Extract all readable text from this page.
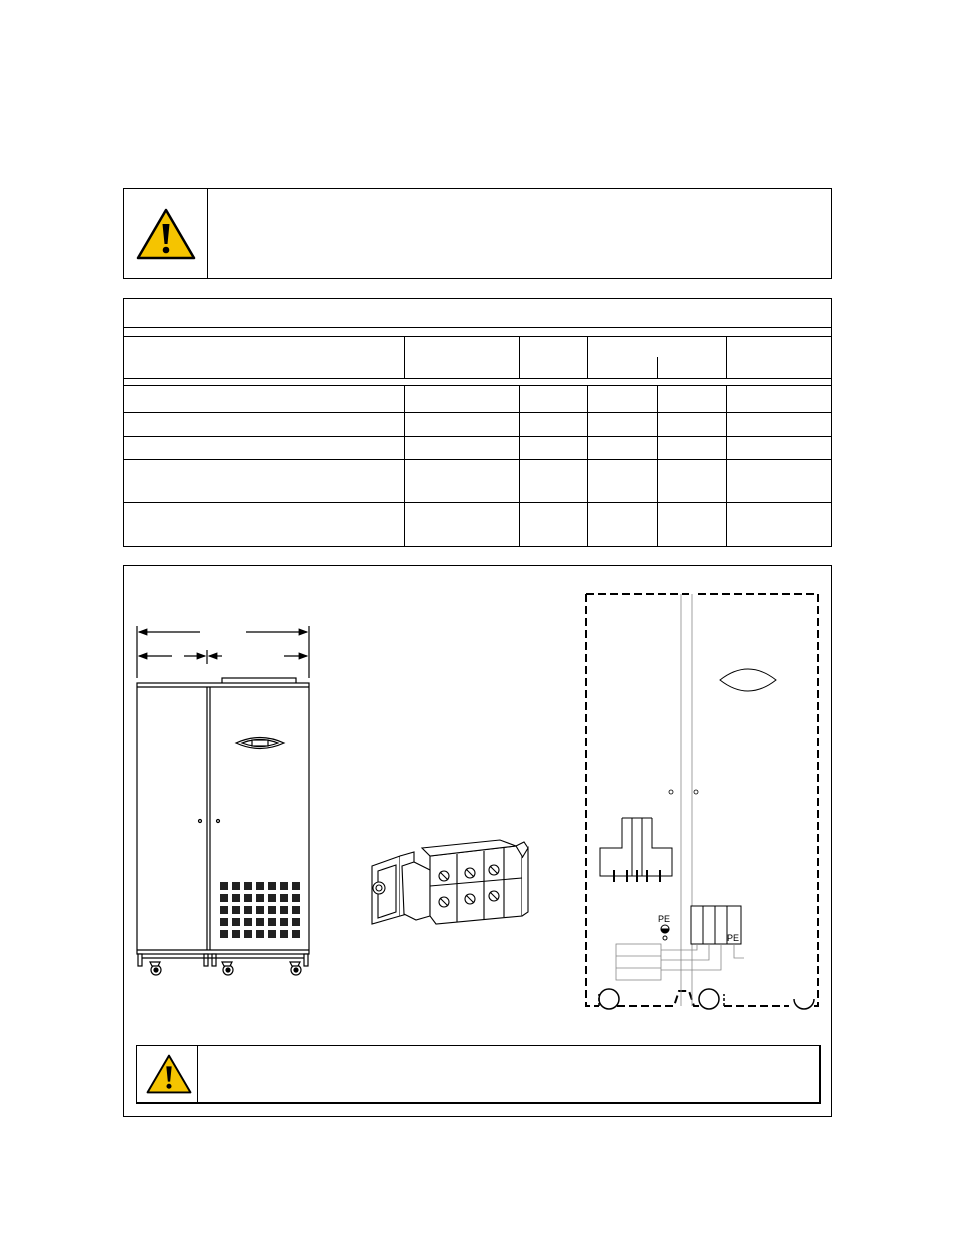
PE
PE
